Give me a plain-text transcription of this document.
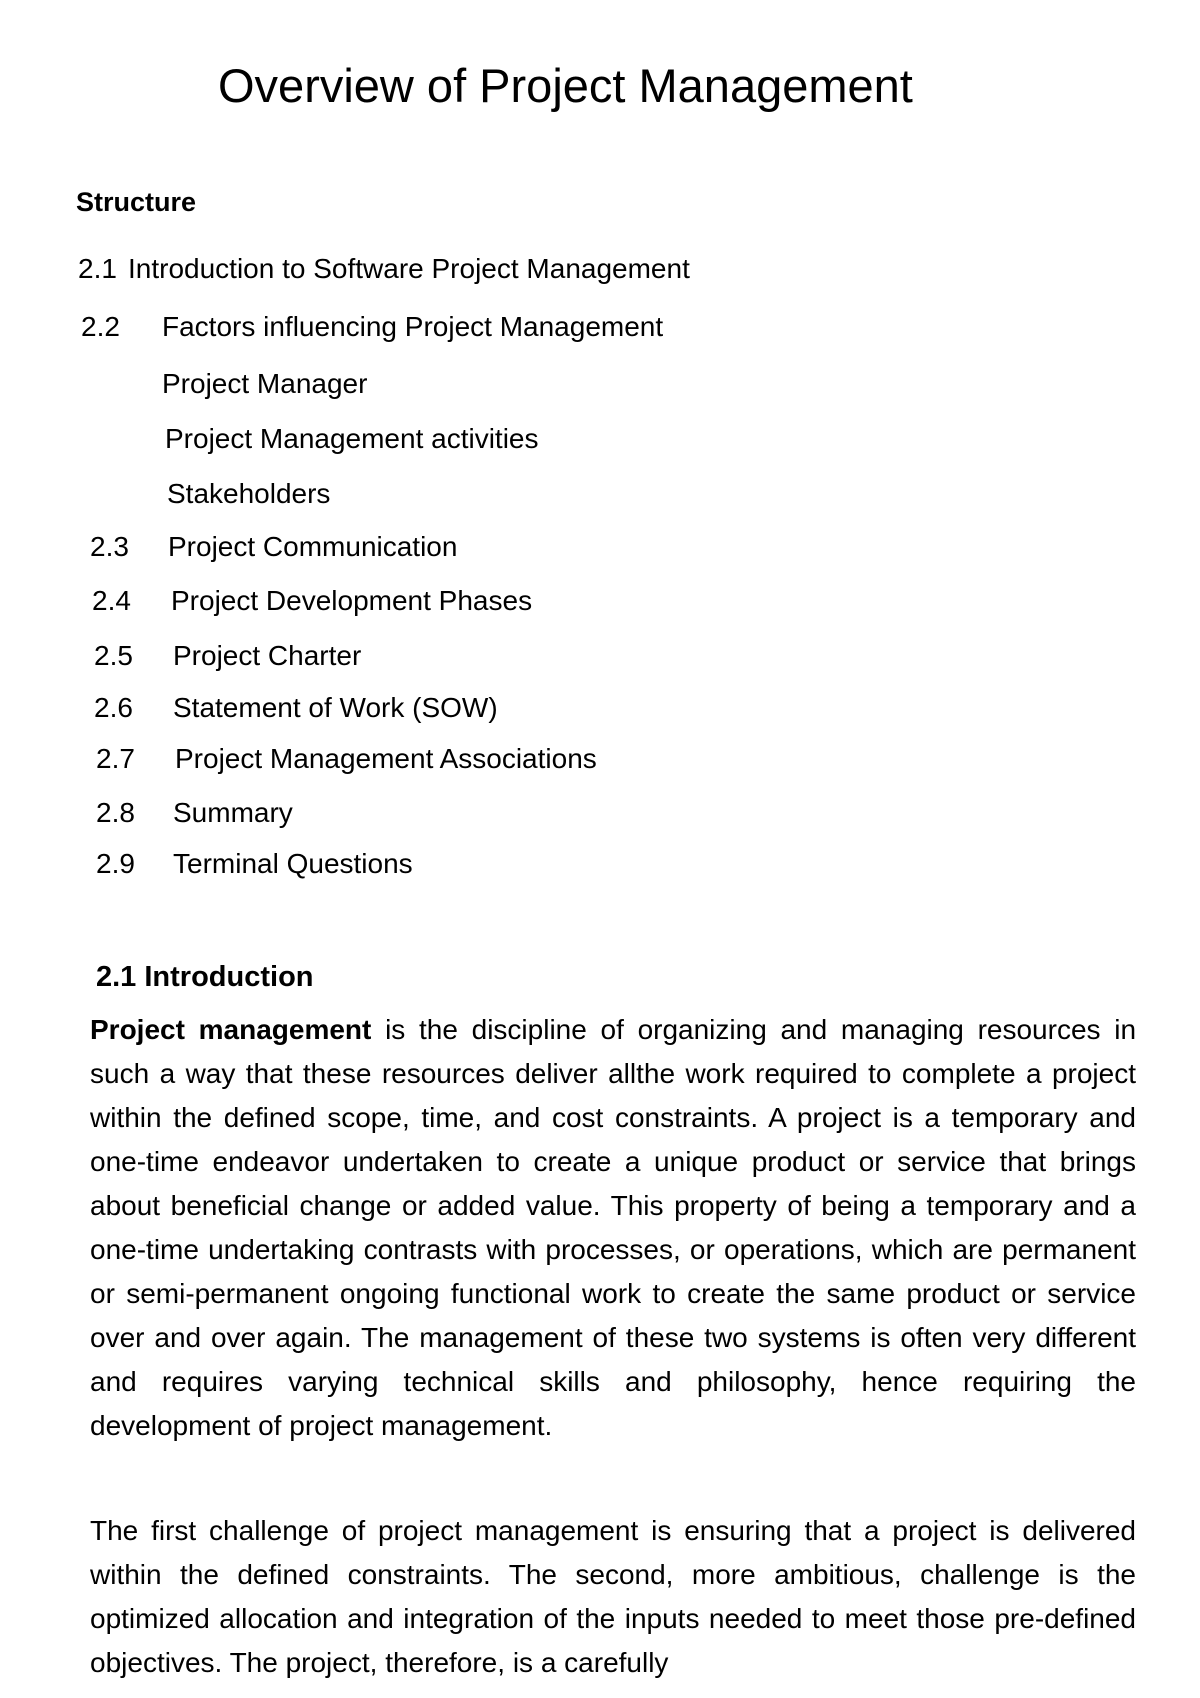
Overview of Project Management
Structure
2.1 Introduction to Software Project Management
2.2 Factors influencing Project Management
Project Manager
Project Management activities
Stakeholders
2.3 Project Communication
2.4 Project Development Phases
2.5 Project Charter
2.6 Statement of Work (SOW)
2.7 Project Management Associations
2.8 Summary
2.9 Terminal Questions
2.1 Introduction
Project management is the discipline of organizing and managing resources in such a way that these resources deliver allthe work required to complete a project within the defined scope, time, and cost constraints. A project is a temporary and one-time endeavor undertaken to create a unique product or service that brings about beneficial change or added value. This property of being a temporary and a one-time undertaking contrasts with processes, or operations, which are permanent or semi-permanent ongoing functional work to create the same product or service over and over again. The management of these two systems is often very different and requires varying technical skills and philosophy, hence requiring the development of project management.
The first challenge of project management is ensuring that a project is delivered within the defined constraints. The second, more ambitious, challenge is the optimized allocation and integration of the inputs needed to meet those pre-defined objectives. The project, therefore, is a carefully
